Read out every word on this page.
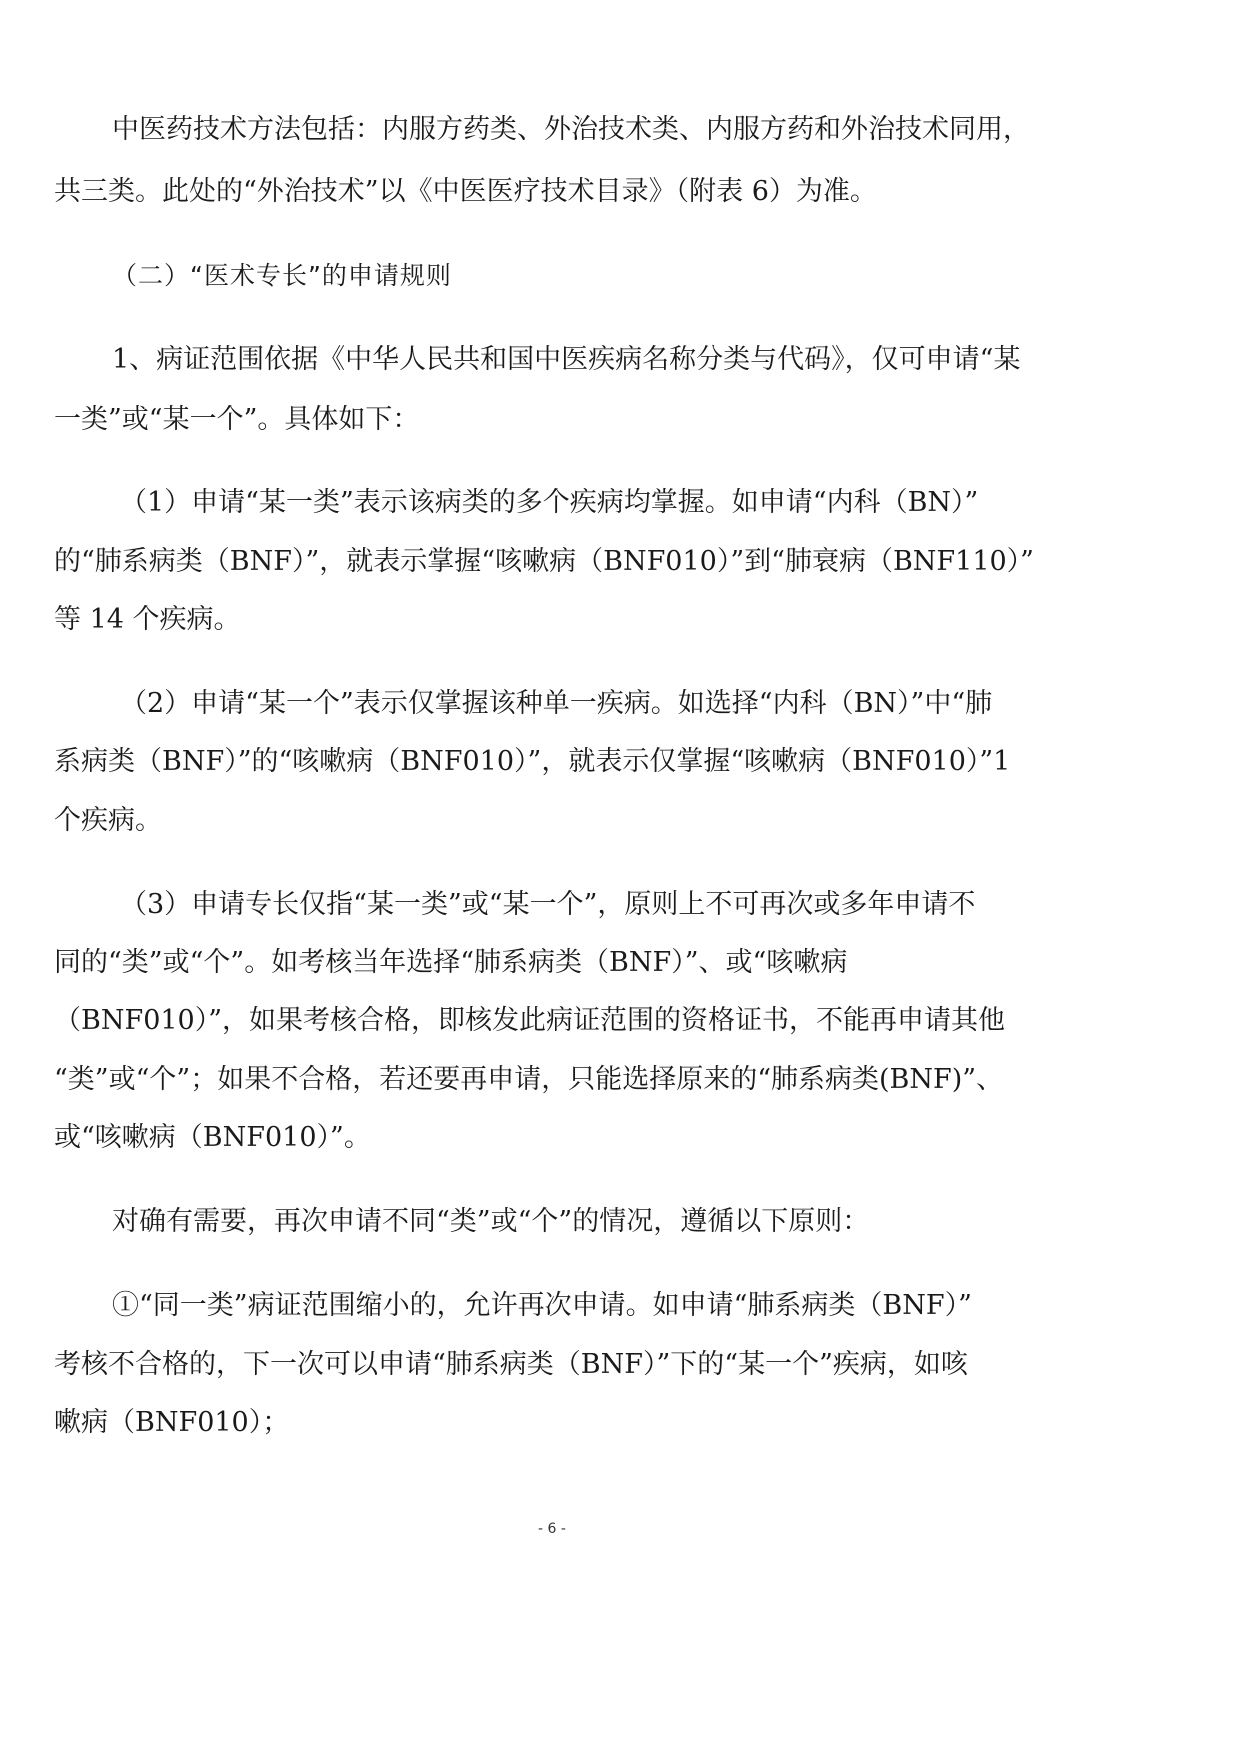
中医药技术方法包括：内服方药类、外治技术类、内服方药和外治技术同用，
共三类。此处的“外治技术”以《中医医疗技术目录》（附表 6）为准。
（二）“医术专长”的申请规则
1、病证范围依据《中华人民共和国中医疾病名称分类与代码》，仅可申请“某
一类”或“某一个”。具体如下：
（1）申请“某一类”表示该病类的多个疾病均掌握。如申请“内科（BN）”
的“肺系病类（BNF）”，就表示掌握“咳嗽病（BNF010）”到“肺衰病（BNF110）”
等 14 个疾病。
（2）申请“某一个”表示仅掌握该种单一疾病。如选择“内科（BN）”中“肺
系病类（BNF）”的“咳嗽病（BNF010）”，就表示仅掌握“咳嗽病（BNF010）”1
个疾病。
（3）申请专长仅指“某一类”或“某一个”，原则上不可再次或多年申请不
同的“类”或“个”。如考核当年选择“肺系病类（BNF）”、或“咳嗽病
（BNF010）”，如果考核合格，即核发此病证范围的资格证书，不能再申请其他
“类”或“个”；如果不合格，若还要再申请，只能选择原来的“肺系病类(BNF)”、
或“咳嗽病（BNF010）”。
对确有需要，再次申请不同“类”或“个”的情况，遵循以下原则：
①“同一类”病证范围缩小的，允许再次申请。如申请“肺系病类（BNF）”
考核不合格的，下一次可以申请“肺系病类（BNF）”下的“某一个”疾病，如咳
嗽病（BNF010）；
- 6 -
